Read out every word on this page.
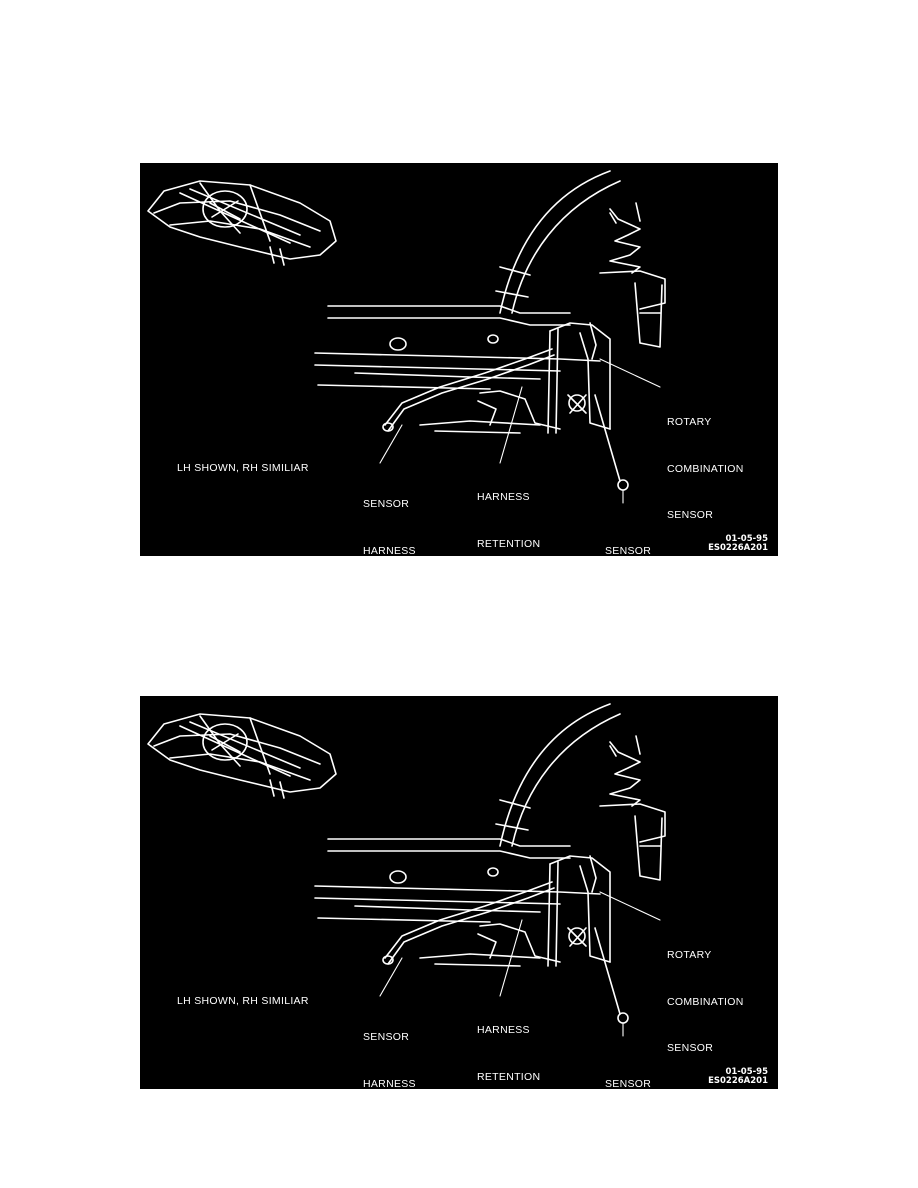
LH SHOWN, RH SIMILIAR

ROTARY

COMBINATION

SENSOR

SENSOR

HARNESS

HARNESS

RETENTION

POINT

SENSOR

LINK

01-05-95
ES0226A201
LH SHOWN, RH SIMILIAR

ROTARY

COMBINATION

SENSOR

SENSOR

HARNESS

HARNESS

RETENTION

POINT

SENSOR

LINK

01-05-95
ES0226A201
